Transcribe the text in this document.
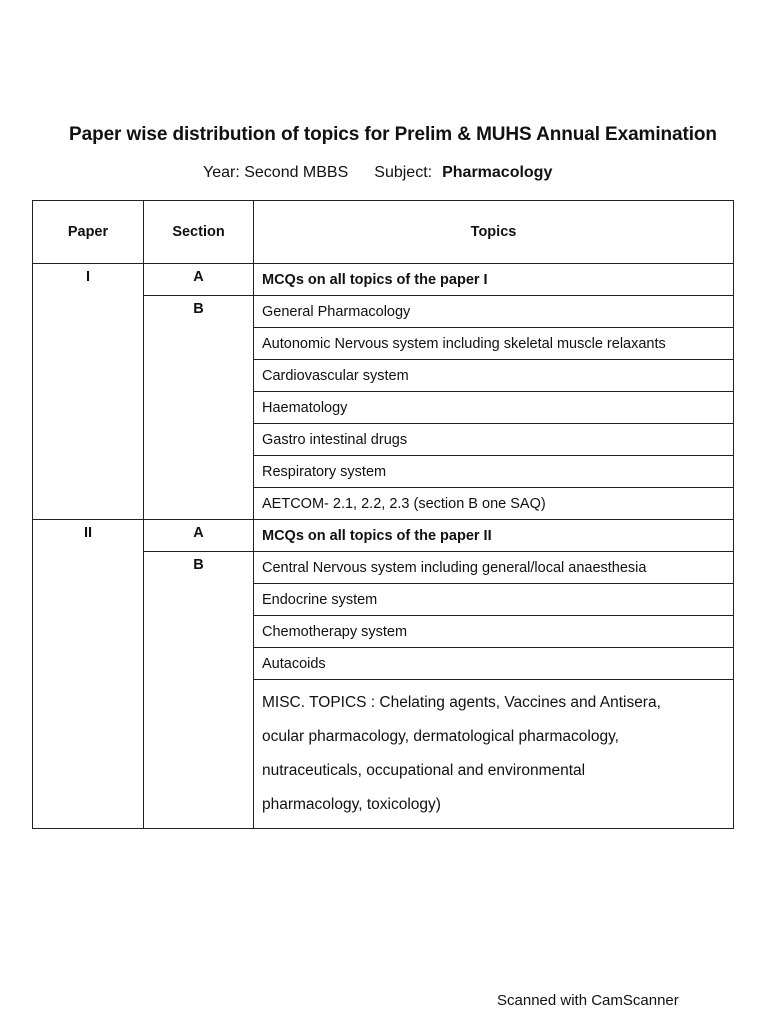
Paper wise distribution of topics for Prelim & MUHS Annual Examination
Year: Second MBBS Subject: Pharmacology
Paper	Section	Topics
I	A	MCQs on all topics of the paper I
	B	General Pharmacology
		Autonomic Nervous system including skeletal muscle relaxants
		Cardiovascular system
		Haematology
		Gastro intestinal drugs
		Respiratory system
		AETCOM- 2.1, 2.2, 2.3 (section B one SAQ)
II	A	MCQs on all topics of the paper II
	B	Central Nervous system including general/local anaesthesia
		Endocrine system
		Chemotherapy system
		Autacoids

		MISC. TOPICS : Chelating agents, Vaccines and Antisera,
ocular pharmacology, dermatological pharmacology,
nutraceuticals, occupational and environmental
pharmacology, toxicology)
Scanned with CamScanner
